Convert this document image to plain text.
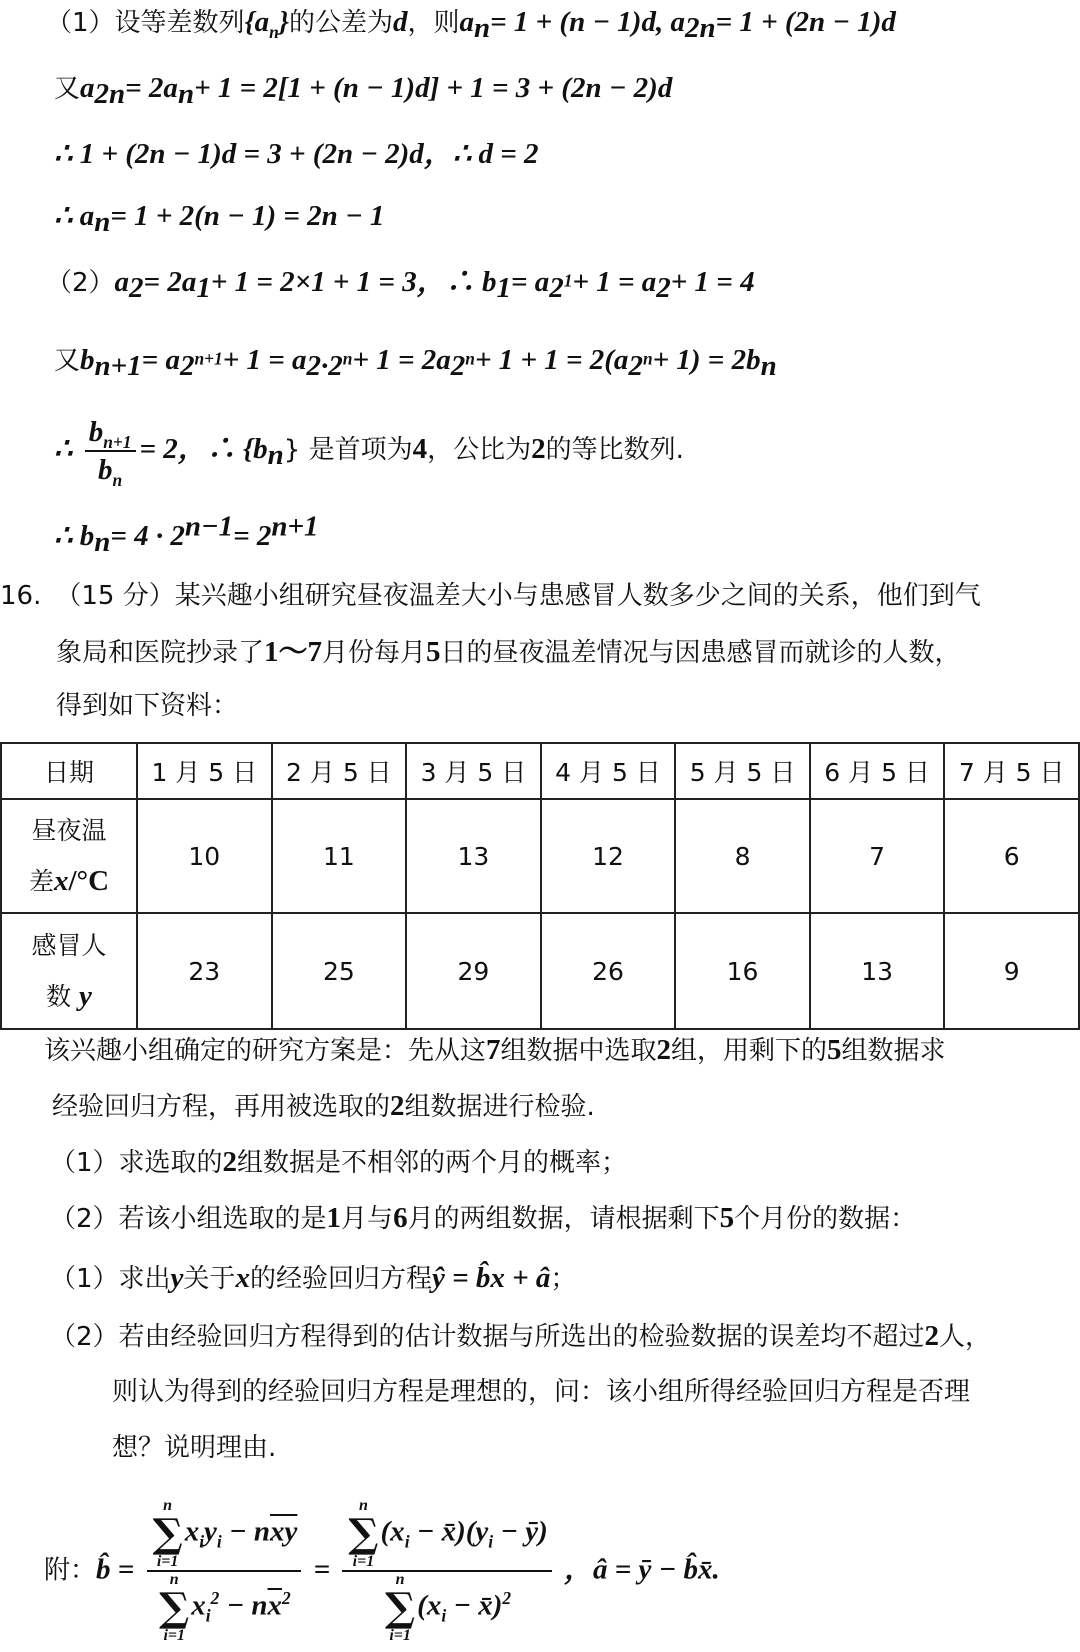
（1）设等差数列$\{a_n\}$的公差为d，则$a_n= 1 + (n - 1)d$, $a_{2n}= 1 + (2n - 1)d$
又$a_{2n}= 2a_n+ 1 = 2[1 + (n - 1)d] + 1 = 3 + (2n - 2)d$
∴ 1 + (2n − 1)d = 3 + (2n − 2)d，∴ d = 2
∴ $a_n= 1 + 2(n - 1) = 2n - 1$
$(2)a_2= 2a_1+ 1 = 2\times 1 + 1 = 3$，∴ $b_1= a_{2^1}+ 1 = a_2+ 1 = 4$
又$b_{n+1}= a_{2^{n+1}}+ 1 = a_{2\cdot 2^n}+ 1 = 2a_{2^n}+ 1 + 1 = 2(a_{2^n}+ 1) = 2b_n$
∴ $\frac{b_{n+1}}{b_n} = 2$，∴ $\{b_n\}$ 是首项为4，公比为2的等比数列.
∴ $b_n= 4 \cdot 2^{n-1}= 2^{n+1}$
16. （15 分）某兴趣小组研究昼夜温差大小与患感冒人数多少之间的关系，他们到气
象局和医院抄录了1～7月份每月5日的昼夜温差情况与因患感冒而就诊的人数，
得到如下资料：
日期	1 月 5 日	2 月 5 日	3 月 5 日	4 月 5 日	5 月 5 日	6 月 5 日	7 月 5 日
昼夜温
差x/°C	10	11	13	12	8	7	6
感冒人
数 y	23	25	29	26	16	13	9
该兴趣小组确定的研究方案是：先从这7组数据中选取2组，用剩下的5组数据求
经验回归方程，再用被选取的2组数据进行检验.
（1）求选取的2组数据是不相邻的两个月的概率；
（2）若该小组选取的是1月与6月的两组数据，请根据剩下5个月份的数据：
（1）求出y关于x的经验回归方程ŷ = b̂x + â；
（2）若由经验回归方程得到的估计数据与所选出的检验数据的误差均不超过2人，
则认为得到的经验回归方程是理想的，问：该小组所得经验回归方程是否理
想？说明理由.
附：b̂ = n
∑
i=1
$x_iy_i - n\overline{xy}$
n
∑
i=1
$x_i^2 - n\overline{x}^2 = n$
∑
i=1
($x_i$ − $x̄)(y_i$ − ȳ)
n
∑
i=1
($x_i$ − x̄)$^2$ ，â = ȳ − b̂x̄.
